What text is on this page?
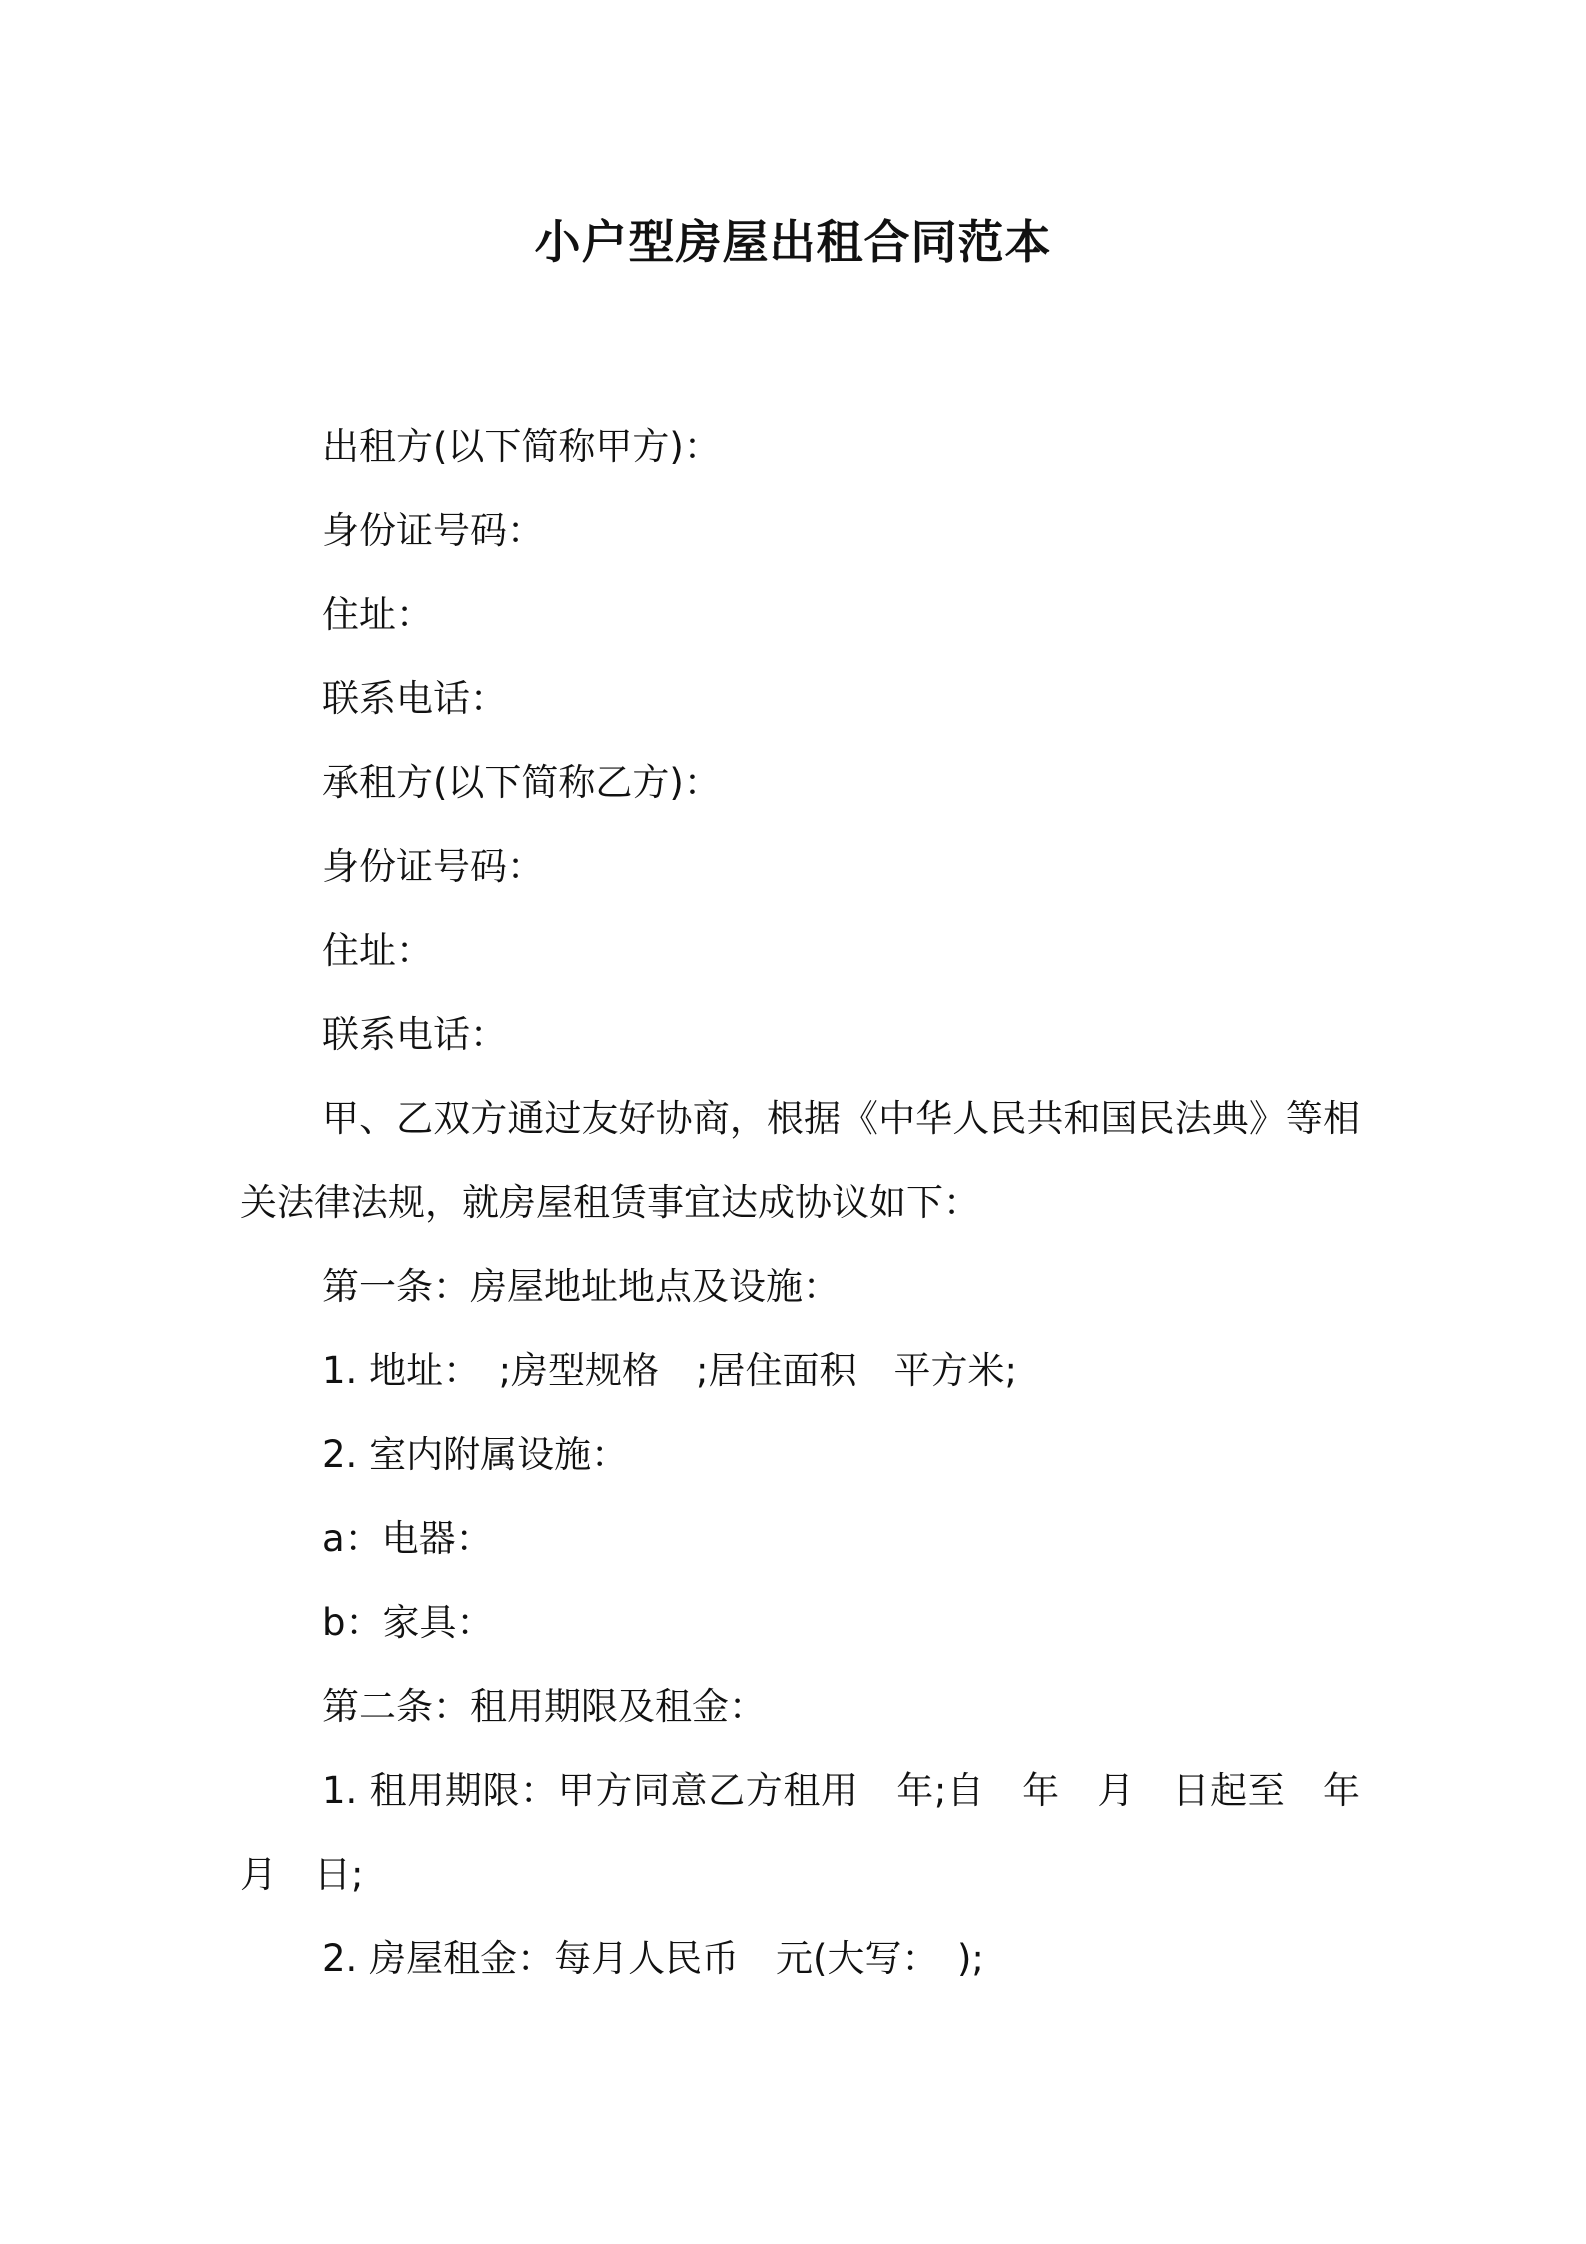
小户型房屋出租合同范本
出租方(以下简称甲方)：
身份证号码：
住址：
联系电话：
承租方(以下简称乙方)：
身份证号码：
住址：
联系电话：
甲、乙双方通过友好协商，根据《中华人民共和国民法典》等相关法律法规，就房屋租赁事宜达成协议如下：
第一条：房屋地址地点及设施：
1. 地址：　;房型规格　;居住面积　平方米;
2. 室内附属设施：
a：电器：
b：家具：
第二条：租用期限及租金：
1. 租用期限：甲方同意乙方租用　年;自　年　月　日起至　年月　日;
2. 房屋租金：每月人民币　元(大写：　);
